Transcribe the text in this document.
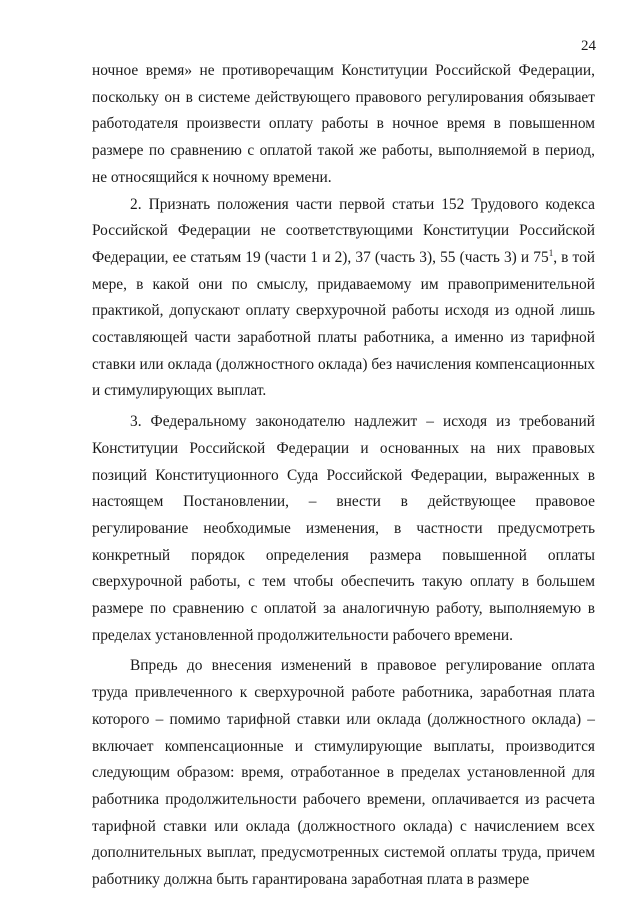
24

ночное время» не противоречащим Конституции Российской Федерации, поскольку он в системе действующего правового регулирования обязывает работодателя произвести оплату работы в ночное время в повышенном размере по сравнению с оплатой такой же работы, выполняемой в период, не относящийся к ночному времени.

2. Признать положения части первой статьи 152 Трудового кодекса Российской Федерации не соответствующими Конституции Российской Федерации, ее статьям 19 (части 1 и 2), 37 (часть 3), 55 (часть 3) и $75^1$, в той мере, в какой они по смыслу, придаваемому им правоприменительной практикой, допускают оплату сверхурочной работы исходя из одной лишь составляющей части заработной платы работника, а именно из тарифной ставки или оклада (должностного оклада) без начисления компенсационных и стимулирующих выплат.

3. Федеральному законодателю надлежит – исходя из требований Конституции Российской Федерации и основанных на них правовых позиций Конституционного Суда Российской Федерации, выраженных в настоящем Постановлении, – внести в действующее правовое регулирование необходимые изменения, в частности предусмотреть конкретный порядок определения размера повышенной оплаты сверхурочной работы, с тем чтобы обеспечить такую оплату в большем размере по сравнению с оплатой за аналогичную работу, выполняемую в пределах установленной продолжительности рабочего времени.

Впредь до внесения изменений в правовое регулирование оплата труда привлеченного к сверхурочной работе работника, заработная плата которого – помимо тарифной ставки или оклада (должностного оклада) – включает компенсационные и стимулирующие выплаты, производится следующим образом: время, отработанное в пределах установленной для работника продолжительности рабочего времени, оплачивается из расчета тарифной ставки или оклада (должностного оклада) с начислением всех дополнительных выплат, предусмотренных системой оплаты труда, причем работнику должна быть гарантирована заработная плата в размере
